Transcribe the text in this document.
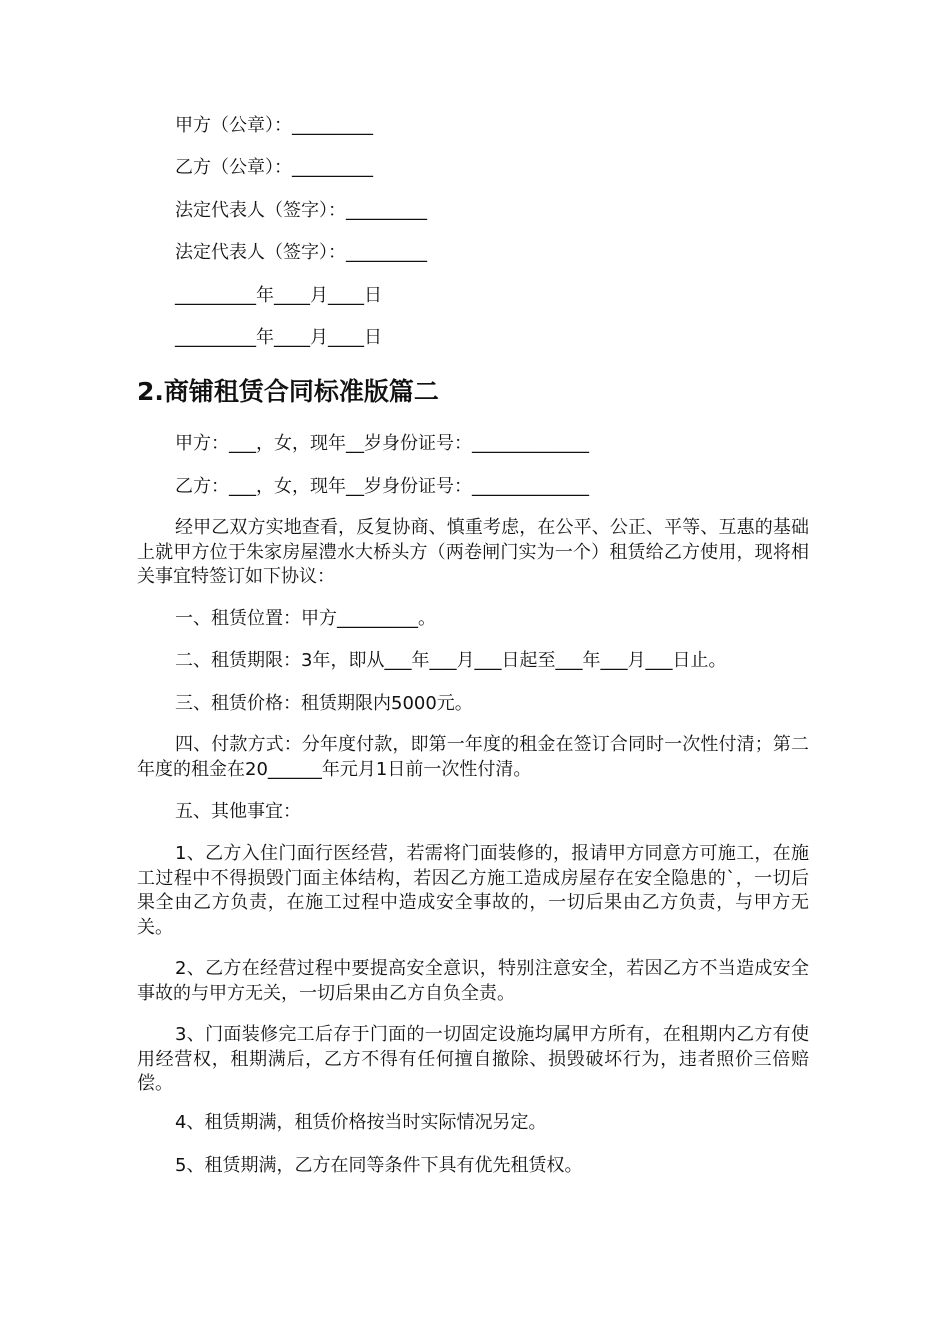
甲方（公章）：_________
乙方（公章）：_________
法定代表人（签字）：_________
法定代表人（签字）：_________
_________年____月____日
_________年____月____日
2.商铺租赁合同标准版篇二
甲方：___，女，现年__岁身份证号：_____________
乙方：___，女，现年__岁身份证号：_____________
经甲乙双方实地查看，反复协商、慎重考虑，在公平、公正、平等、互惠的基础上就甲方位于朱家房屋澧水大桥头方（两卷闸门实为一个）租赁给乙方使用，现将相关事宜特签订如下协议：
一、租赁位置：甲方_________。
二、租赁期限：3年，即从___年___月___日起至___年___月___日止。
三、租赁价格：租赁期限内5000元。
四、付款方式：分年度付款，即第一年度的租金在签订合同时一次性付清；第二年度的租金在20______年元月1日前一次性付清。
五、其他事宜：
1、乙方入住门面行医经营，若需将门面装修的，报请甲方同意方可施工，在施工过程中不得损毁门面主体结构，若因乙方施工造成房屋存在安全隐患的`，一切后果全由乙方负责，在施工过程中造成安全事故的，一切后果由乙方负责，与甲方无关。
2、乙方在经营过程中要提高安全意识，特别注意安全，若因乙方不当造成安全事故的与甲方无关，一切后果由乙方自负全责。
3、门面装修完工后存于门面的一切固定设施均属甲方所有，在租期内乙方有使用经营权，租期满后，乙方不得有任何擅自撤除、损毁破坏行为，违者照价三倍赔偿。
4、租赁期满，租赁价格按当时实际情况另定。
5、租赁期满，乙方在同等条件下具有优先租赁权。
